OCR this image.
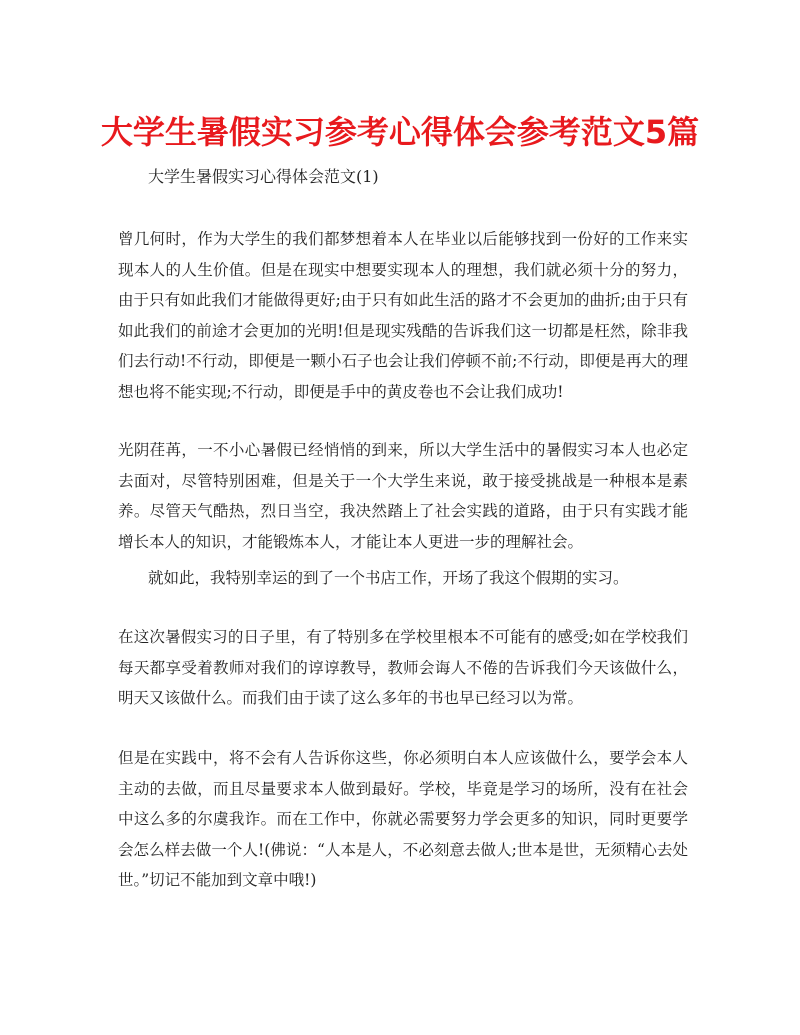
大学生暑假实习参考心得体会参考范文5篇
大学生暑假实习心得体会范文(1)

曾几何时，作为大学生的我们都梦想着本人在毕业以后能够找到一份好的工作来实现本人的人生价值。但是在现实中想要实现本人的理想，我们就必须十分的努力，由于只有如此我们才能做得更好;由于只有如此生活的路才不会更加的曲折;由于只有如此我们的前途才会更加的光明!但是现实残酷的告诉我们这一切都是枉然，除非我们去行动!不行动，即便是一颗小石子也会让我们停顿不前;不行动，即便是再大的理想也将不能实现;不行动，即便是手中的黄皮卷也不会让我们成功!

光阴荏苒，一不小心暑假已经悄悄的到来，所以大学生活中的暑假实习本人也必定去面对，尽管特别困难，但是关于一个大学生来说，敢于接受挑战是一种根本是素养。尽管天气酷热，烈日当空，我决然踏上了社会实践的道路，由于只有实践才能增长本人的知识，才能锻炼本人，才能让本人更进一步的理解社会。

就如此，我特别幸运的到了一个书店工作，开场了我这个假期的实习。

在这次暑假实习的日子里，有了特别多在学校里根本不可能有的感受;如在学校我们每天都享受着教师对我们的谆谆教导，教师会诲人不倦的告诉我们今天该做什么，明天又该做什么。而我们由于读了这么多年的书也早已经习以为常。

但是在实践中，将不会有人告诉你这些，你必须明白本人应该做什么，要学会本人主动的去做，而且尽量要求本人做到最好。学校，毕竟是学习的场所，没有在社会中这么多的尔虞我诈。而在工作中，你就必需要努力学会更多的知识，同时更要学会怎么样去做一个人!(佛说：“人本是人，不必刻意去做人;世本是世，无须精心去处世。”切记不能加到文章中哦!)
